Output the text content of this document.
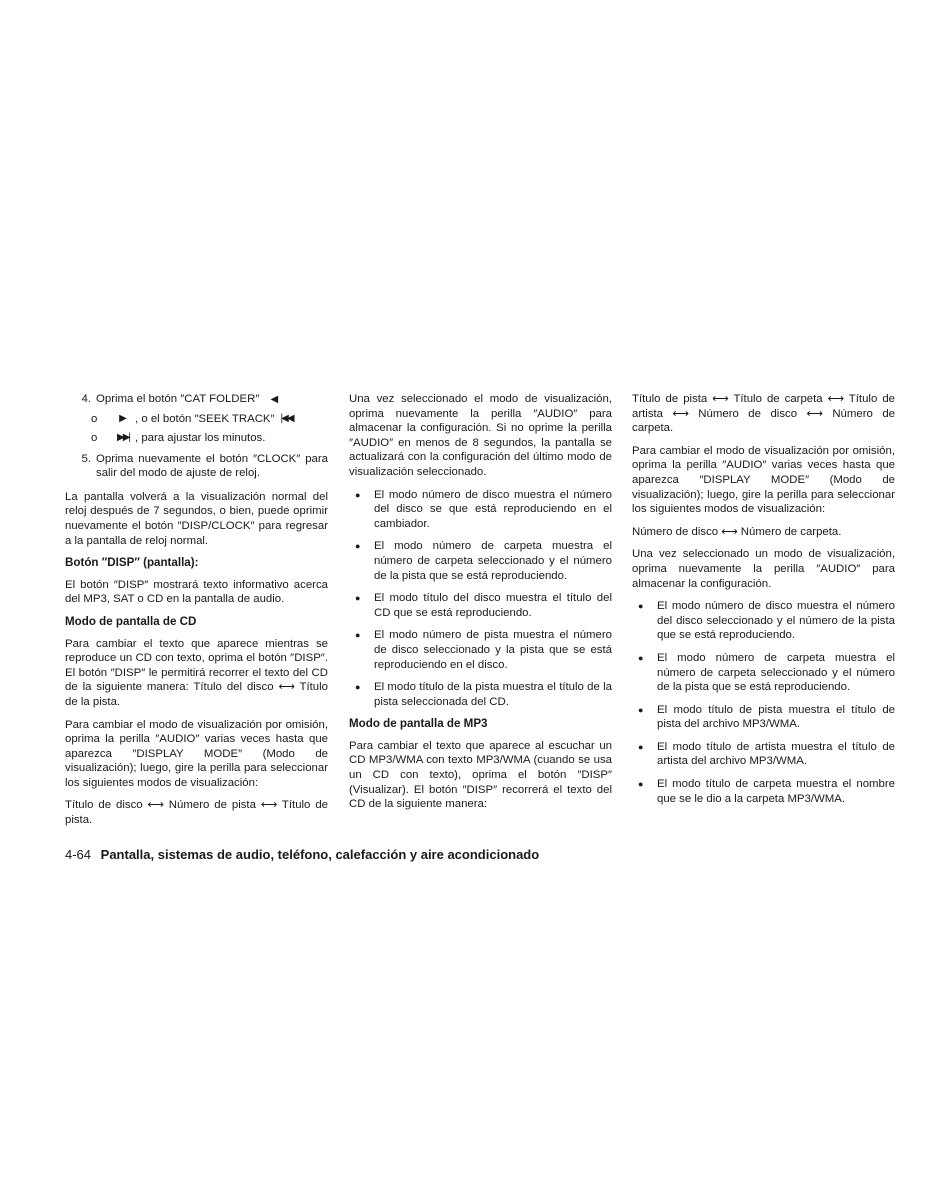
4. Oprima el botón ″CAT FOLDER″ ◀
o	▶ , o el botón ″SEEK TRACK″ |◀◀
o	▶▶| , para ajustar los minutos.
5. Oprima nuevamente el botón ″CLOCK″ para salir del modo de ajuste de reloj.

La pantalla volverá a la visualización normal del reloj después de 7 segundos, o bien, puede oprimir nuevamente el botón ″DISP/CLOCK″ para regresar a la pantalla de reloj normal.

Botón ″DISP″ (pantalla):

El botón ″DISP″ mostrará texto informativo acerca del MP3, SAT o CD en la pantalla de audio.

Modo de pantalla de CD

Para cambiar el texto que aparece mientras se reproduce un CD con texto, oprima el botón ″DISP″. El botón ″DISP″ le permitirá recorrer el texto del CD de la siguiente manera: Título del disco ⟷ Título de la pista.

Para cambiar el modo de visualización por omisión, oprima la perilla ″AUDIO″ varias veces hasta que aparezca ″DISPLAY MODE″ (Modo de visualización); luego, gire la perilla para seleccionar los siguientes modos de visualización:

Título de disco ⟷ Número de pista ⟷ Título de pista.

Una vez seleccionado el modo de visualización, oprima nuevamente la perilla ″AUDIO″ para almacenar la configuración. Si no oprime la perilla ″AUDIO″ en menos de 8 segundos, la pantalla se actualizará con la configuración del último modo de visualización seleccionado.

● El modo número de disco muestra el número del disco se que está reproduciendo en el cambiador.
● El modo número de carpeta muestra el número de carpeta seleccionado y el número de la pista que se está reproduciendo.
● El modo título del disco muestra el título del CD que se está reproduciendo.
● El modo número de pista muestra el número de disco seleccionado y la pista que se está reproduciendo en el disco.
● El modo título de la pista muestra el título de la pista seleccionada del CD.
Modo de pantalla de MP3

Para cambiar el texto que aparece al escuchar un CD MP3/WMA con texto MP3/WMA (cuando se usa un CD con texto), oprima el botón ″DISP″ (Visualizar). El botón ″DISP″ recorrerá el texto del CD de la siguiente manera:

Título de pista ⟷ Título de carpeta ⟷ Título de artista ⟷ Número de disco ⟷ Número de carpeta.

Para cambiar el modo de visualización por omisión, oprima la perilla ″AUDIO″ varias veces hasta que aparezca ″DISPLAY MODE″ (Modo de visualización); luego, gire la perilla para seleccionar los siguientes modos de visualización:

Número de disco ⟷ Número de carpeta.

Una vez seleccionado un modo de visualización, oprima nuevamente la perilla ″AUDIO″ para almacenar la configuración.

● El modo número de disco muestra el número del disco seleccionado y el número de la pista que se está reproduciendo.
● El modo número de carpeta muestra el número de carpeta seleccionado y el número de la pista que se está reproduciendo.
● El modo título de pista muestra el título de pista del archivo MP3/WMA.
● El modo título de artista muestra el título de artista del archivo MP3/WMA.
● El modo título de carpeta muestra el nombre que se le dio a la carpeta MP3/WMA.
4-64 Pantalla, sistemas de audio, teléfono, calefacción y aire acondicionado
